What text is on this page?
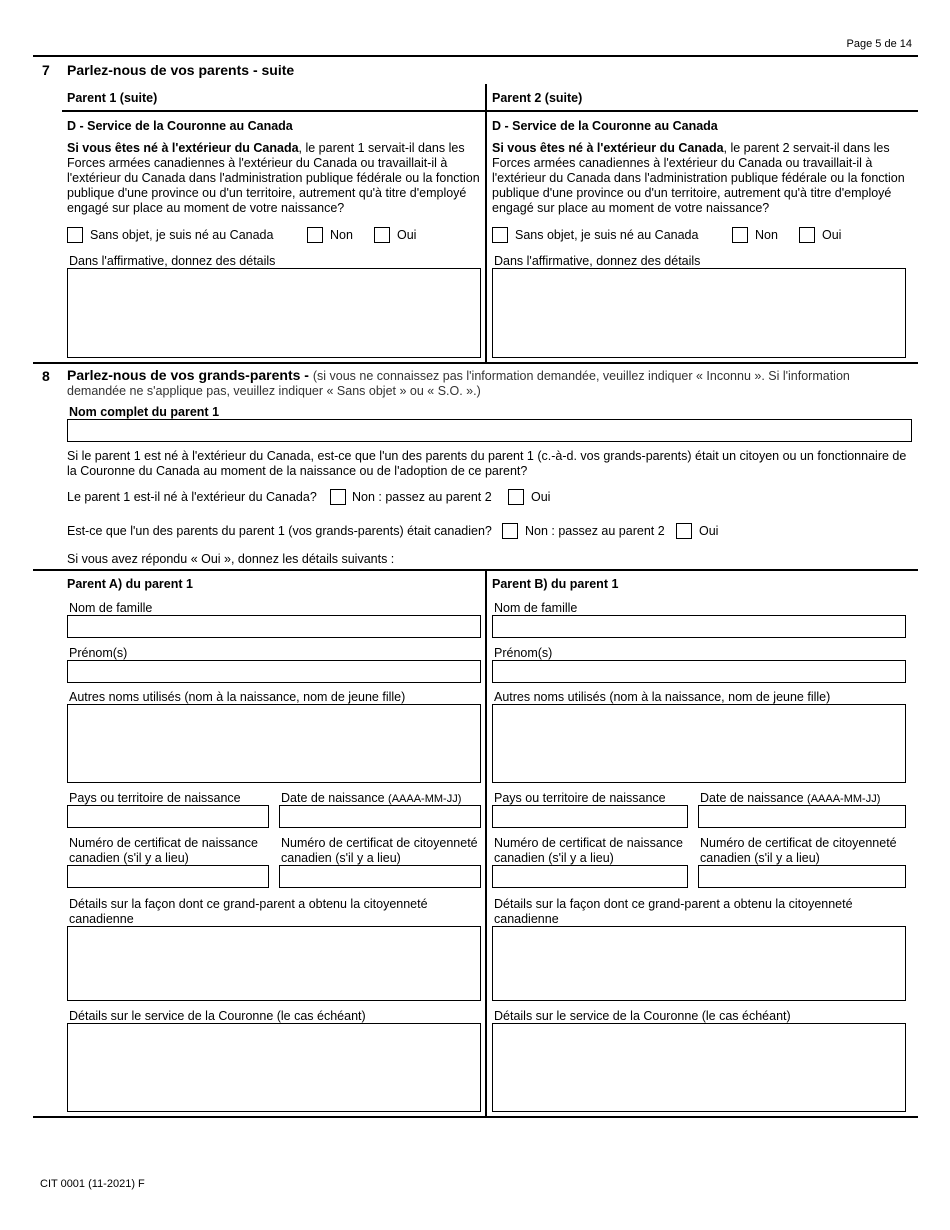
Page 5 de 14
7 Parlez-nous de vos parents - suite
Parent 1 (suite)	Parent 2 (suite)
D - Service de la Couronne au Canada
Si vous êtes né à l'extérieur du Canada, le parent 1 servait-il dans les Forces armées canadiennes à l'extérieur du Canada ou travaillait-il à l'extérieur du Canada dans l'administration publique fédérale ou la fonction publique d'une province ou d'un territoire, autrement qu'à titre d'employé engagé sur place au moment de votre naissance?
Sans objet, je suis né au Canada	Non	Oui
Dans l'affirmative, donnez des détails
D - Service de la Couronne au Canada
Si vous êtes né à l'extérieur du Canada, le parent 2 servait-il dans les Forces armées canadiennes à l'extérieur du Canada ou travaillait-il à l'extérieur du Canada dans l'administration publique fédérale ou la fonction publique d'une province ou d'un territoire, autrement qu'à titre d'employé engagé sur place au moment de votre naissance?
Sans objet, je suis né au Canada	Non	Oui
Dans l'affirmative, donnez des détails
8 Parlez-nous de vos grands-parents - (si vous ne connaissez pas l'information demandée, veuillez indiquer « Inconnu ». Si l'information demandée ne s'applique pas, veuillez indiquer « Sans objet » ou « S.O. ».)
Nom complet du parent 1
Si le parent 1 est né à l'extérieur du Canada, est-ce que l'un des parents du parent 1 (c.-à-d. vos grands-parents) était un citoyen ou un fonctionnaire de la Couronne du Canada au moment de la naissance ou de l'adoption de ce parent?
Le parent 1 est-il né à l'extérieur du Canada?	Non : passez au parent 2	Oui
Est-ce que l'un des parents du parent 1 (vos grands-parents) était canadien?	Non : passez au parent 2	Oui
Si vous avez répondu « Oui », donnez les détails suivants :
Parent A) du parent 1
Nom de famille
Prénom(s)
Autres noms utilisés (nom à la naissance, nom de jeune fille)
Pays ou territoire de naissance	Date de naissance (AAAA-MM-JJ)
Numéro de certificat de naissance
canadien (s'il y a lieu)
Numéro de certificat de citoyenneté
canadien (s'il y a lieu)
Détails sur la façon dont ce grand-parent a obtenu la citoyenneté
canadienne
Détails sur le service de la Couronne (le cas échéant)
Parent B) du parent 1
Nom de famille
Prénom(s)
Autres noms utilisés (nom à la naissance, nom de jeune fille)
Pays ou territoire de naissance	Date de naissance (AAAA-MM-JJ)
Numéro de certificat de naissance
canadien (s'il y a lieu)
Numéro de certificat de citoyenneté
canadien (s'il y a lieu)
Détails sur la façon dont ce grand-parent a obtenu la citoyenneté
canadienne
Détails sur le service de la Couronne (le cas échéant)
CIT 0001 (11-2021) F
